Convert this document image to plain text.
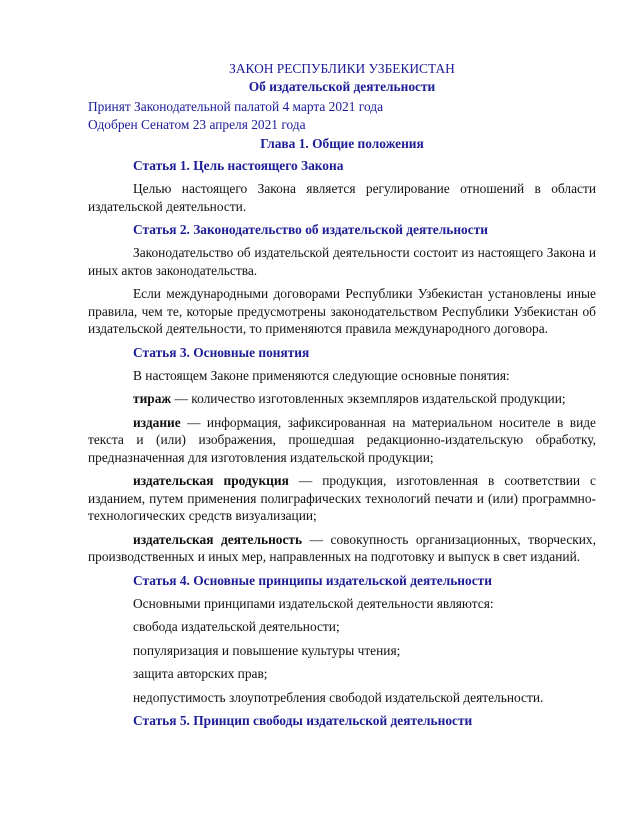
ЗАКОН РЕСПУБЛИКИ УЗБЕКИСТАН
Об издательской деятельности
Принят Законодательной палатой 4 марта 2021 года
Одобрен Сенатом 23 апреля 2021 года
Глава 1. Общие положения
Статья 1. Цель настоящего Закона

Целью настоящего Закона является регулирование отношений в области издательской деятельности.

Статья 2. Законодательство об издательской деятельности

Законодательство об издательской деятельности состоит из настоящего Закона и иных актов законодательства.

Если международными договорами Республики Узбекистан установлены иные правила, чем те, которые предусмотрены законодательством Республики Узбекистан об издательской деятельности, то применяются правила международного договора.

Статья 3. Основные понятия

В настоящем Законе применяются следующие основные понятия:

тираж — количество изготовленных экземпляров издательской продукции;

издание — информация, зафиксированная на материальном носителе в виде текста и (или) изображения, прошедшая редакционно-издательскую обработку, предназначенная для изготовления издательской продукции;

издательская продукция — продукция, изготовленная в соответствии с изданием, путем применения полиграфических технологий печати и (или) программно-технологических средств визуализации;

издательская деятельность — совокупность организационных, творческих, производственных и иных мер, направленных на подготовку и выпуск в свет изданий.

Статья 4. Основные принципы издательской деятельности

Основными принципами издательской деятельности являются:

свобода издательской деятельности;

популяризация и повышение культуры чтения;

защита авторских прав;

недопустимость злоупотребления свободой издательской деятельности.

Статья 5. Принцип свободы издательской деятельности
